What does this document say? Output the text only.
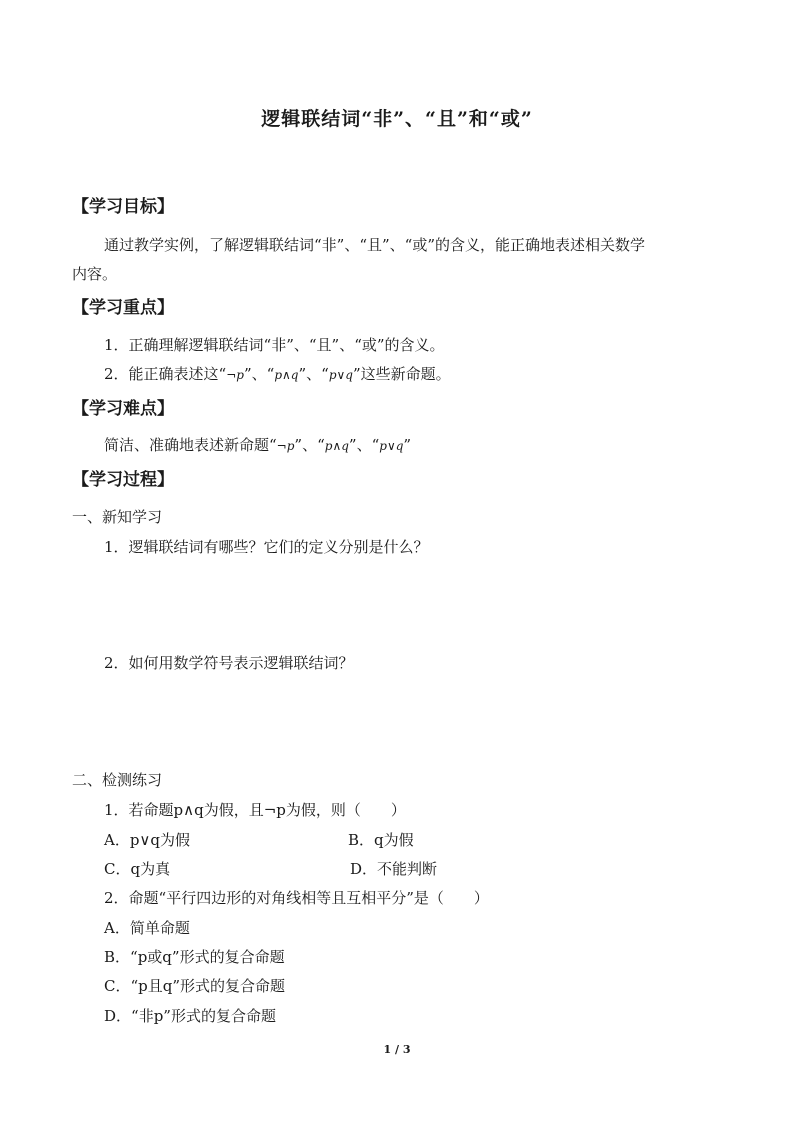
逻辑联结词“非”、“且”和“或”
【学习目标】
通过教学实例，了解逻辑联结词“非”、“且”、“或”的含义，能正确地表述相关数学
内容。
【学习重点】
1．正确理解逻辑联结词“非”、“且”、“或”的含义。
2．能正确表述这“¬p”、“p∧q”、“p∨q”这些新命题。
【学习难点】
简洁、准确地表述新命题“¬p”、“p∧q”、“p∨q”
【学习过程】
一、新知学习
1．逻辑联结词有哪些？它们的定义分别是什么？
2．如何用数学符号表示逻辑联结词？
二、检测练习
1．若命题p∧q为假，且¬p为假，则（　　）
A．p∨q为假	B．q为假
C．q为真	D．不能判断
2．命题“平行四边形的对角线相等且互相平分”是（　　）
A．简单命题
B．“p或q”形式的复合命题
C．“p且q”形式的复合命题
D．“非p”形式的复合命题
1 / 3
